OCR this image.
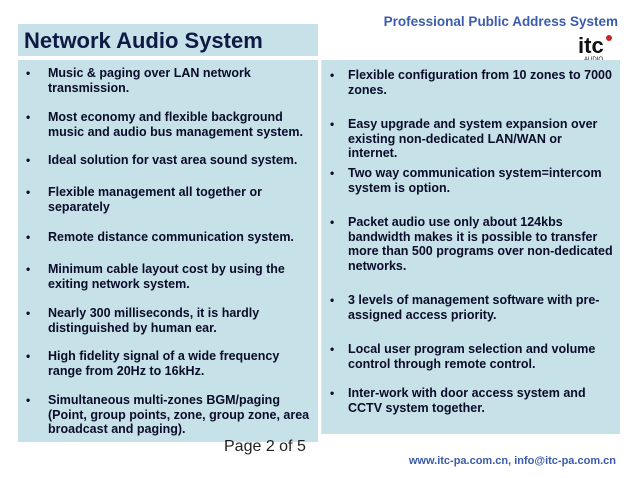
Professional Public Address System
Network Audio System	itc
• Music & paging over LAN network transmission.
• Most economy and flexible background music and audio bus management system.
• Ideal solution for vast area sound system.
• Flexible management all together or separately
• Remote distance communication system.
• Minimum cable layout cost by using the exiting network system.
• Nearly 300 milliseconds, it is hardly distinguished by human ear.
• High fidelity signal of a wide frequency range from 20Hz to 16kHz.
• Simultaneous multi-zones BGM/paging (Point, group points, zone, group zone, area broadcast and paging).
• Flexible configuration from 10 zones to 7000 zones.
• Easy upgrade and system expansion over existing non-dedicated LAN/WAN or internet.
• Two way communication system=intercom system is option.
• Packet audio use only about 124kbs bandwidth makes it is possible to transfer more than 500 programs over non-dedicated networks.
• 3 levels of management software with pre-assigned access priority.
• Local user program selection and volume control through remote control.
• Inter-work with door access system and CCTV system together.
Page 2 of 5
www.itc-pa.com.cn, info@itc-pa.com.cn
